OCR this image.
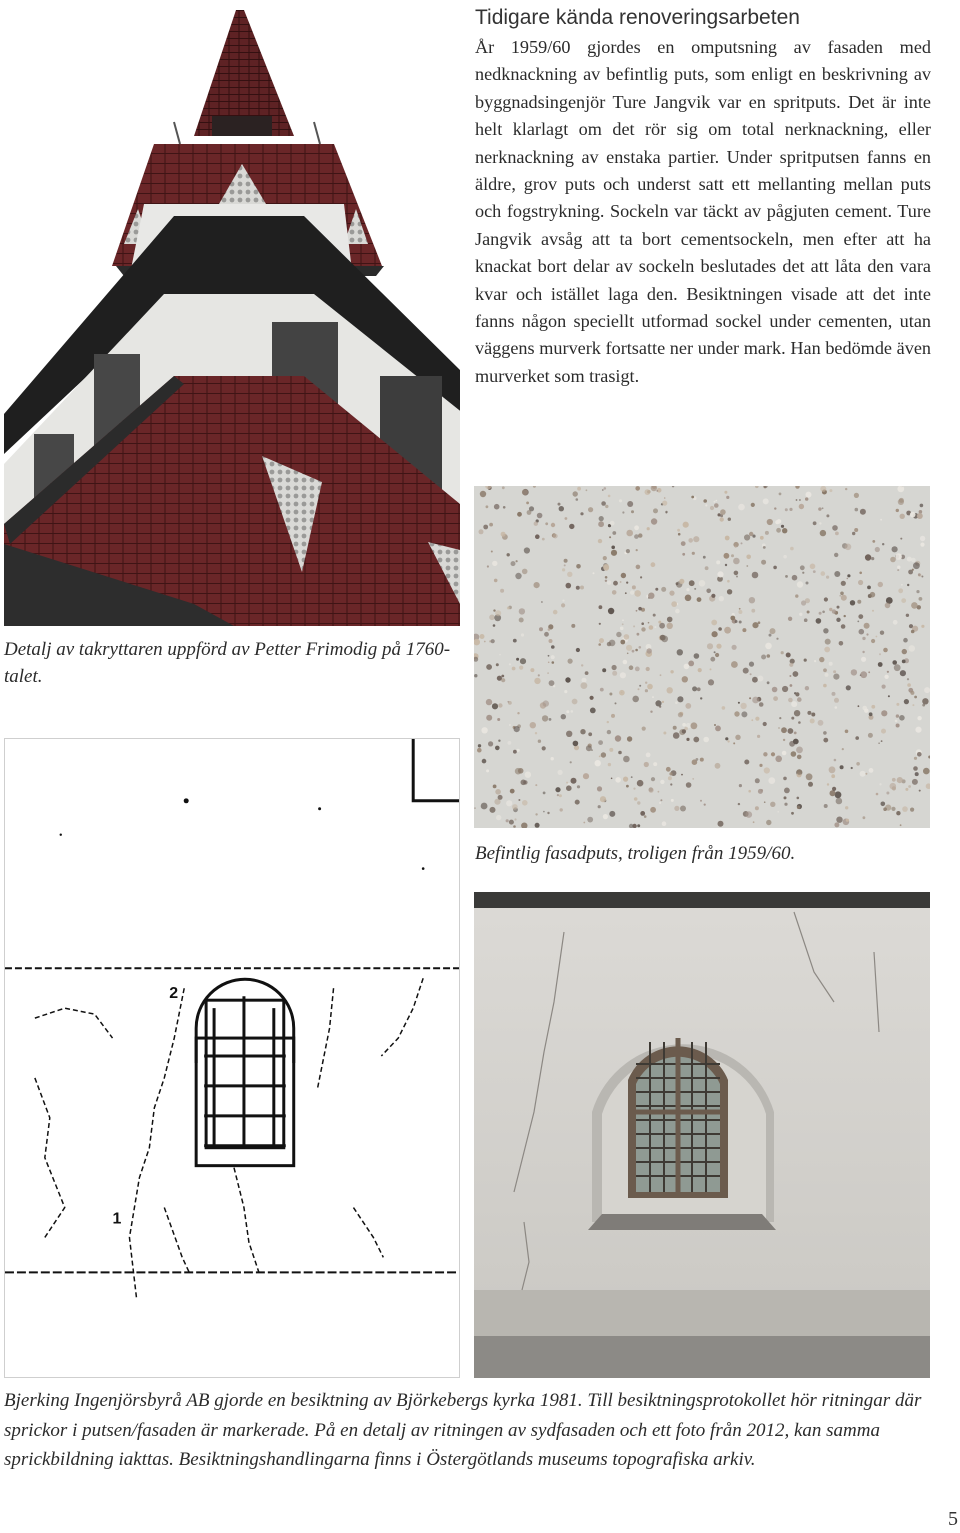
Tidigare kända renoveringsarbeten

År 1959/60 gjordes en omputsning av fasaden med nedknackning av befintlig puts, som enligt en beskrivning av byggnadsingenjör Ture Jangvik var en spritputs. Det är inte helt klarlagt om det rör sig om total nerknackning, eller nerknackning av enstaka partier. Under spritputsen fanns en äldre, grov puts och underst satt ett mellanting mellan puts och fogstrykning. Sockeln var täckt av pågjuten cement. Ture Jangvik avsåg att ta bort cementsockeln, men efter att ha knackat bort delar av sockeln beslutades det att låta den vara kvar och istället laga den. Besiktningen visade att det inte fanns någon speciellt utformad sockel under cementen, utan väggens murverk fortsatte ner under mark. Han bedömde även murverket som trasigt.

Befintlig fasadputs, troligen från 1959/60.

Detalj av takryttaren uppförd av Petter Frimodig på 1760-talet.

2
1

Bjerking Ingenjörsbyrå AB gjorde en besiktning av Björkebergs kyrka 1981. Till besiktningsprotokollet hör ritningar där sprickor i putsen/fasaden är markerade. På en detalj av ritningen av sydfasaden och ett foto från 2012, kan samma sprickbildning iakttas. Besiktningshandlingarna finns i Östergötlands museums topografiska arkiv.

5
